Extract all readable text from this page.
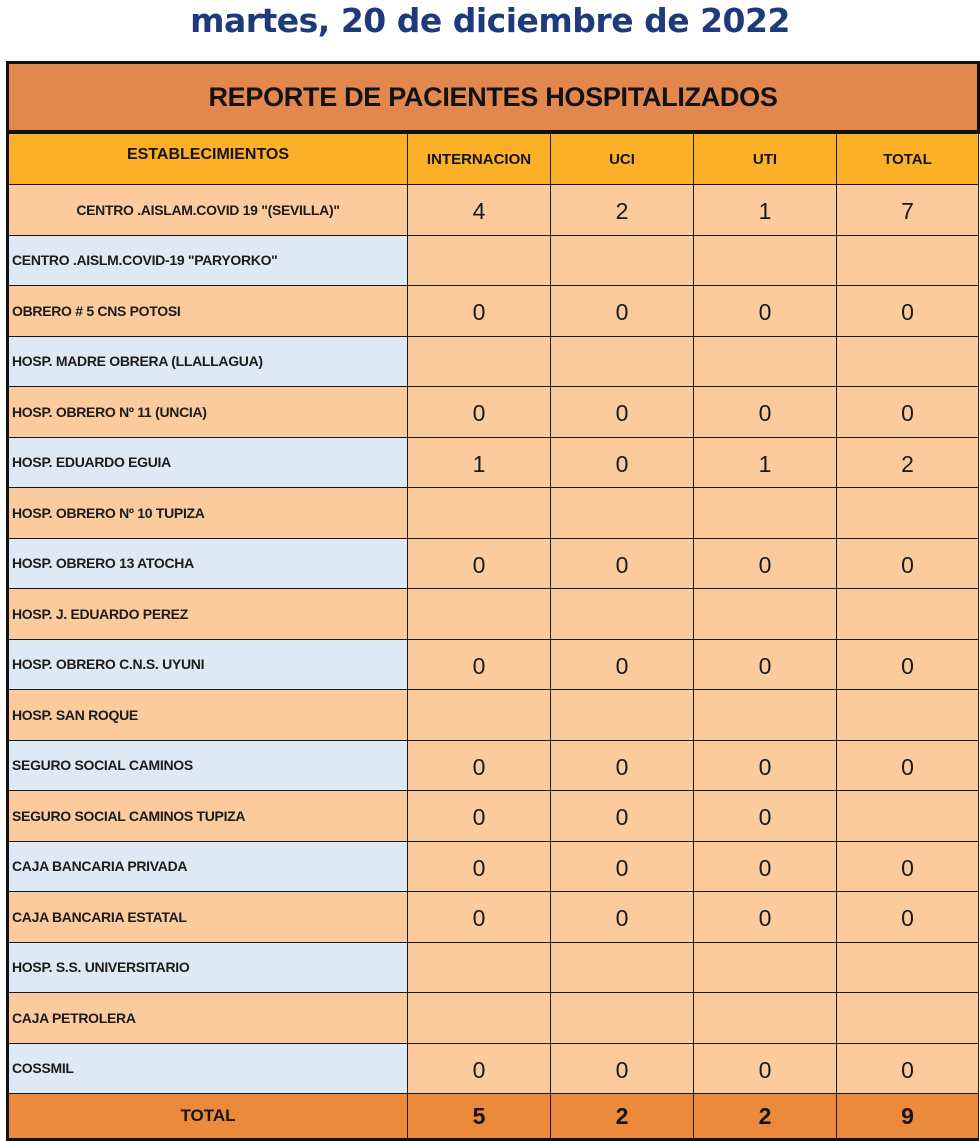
martes, 20 de diciembre de 2022
REPORTE DE PACIENTES HOSPITALIZADOS				
ESTABLECIMIENTOS	INTERNACION	UCI	UTI	TOTAL
CENTRO .AISLAM.COVID 19 "(SEVILLA)"	4	2	1	7
CENTRO .AISLM.COVID-19 "PARYORKO"				
OBRERO # 5 CNS POTOSI	0	0	0	0
HOSP. MADRE OBRERA (LLALLAGUA)				
HOSP. OBRERO Nº 11 (UNCIA)	0	0	0	0
HOSP. EDUARDO EGUIA	1	0	1	2
HOSP. OBRERO Nº 10 TUPIZA				
HOSP. OBRERO 13 ATOCHA	0	0	0	0
HOSP. J. EDUARDO PEREZ				
HOSP. OBRERO C.N.S. UYUNI	0	0	0	0
HOSP. SAN ROQUE				
SEGURO SOCIAL CAMINOS	0	0	0	0
SEGURO SOCIAL CAMINOS TUPIZA	0	0	0	
CAJA BANCARIA PRIVADA	0	0	0	0
CAJA BANCARIA ESTATAL	0	0	0	0
HOSP. S.S. UNIVERSITARIO				
CAJA PETROLERA				
COSSMIL	0	0	0	0
TOTAL	5	2	2	9
